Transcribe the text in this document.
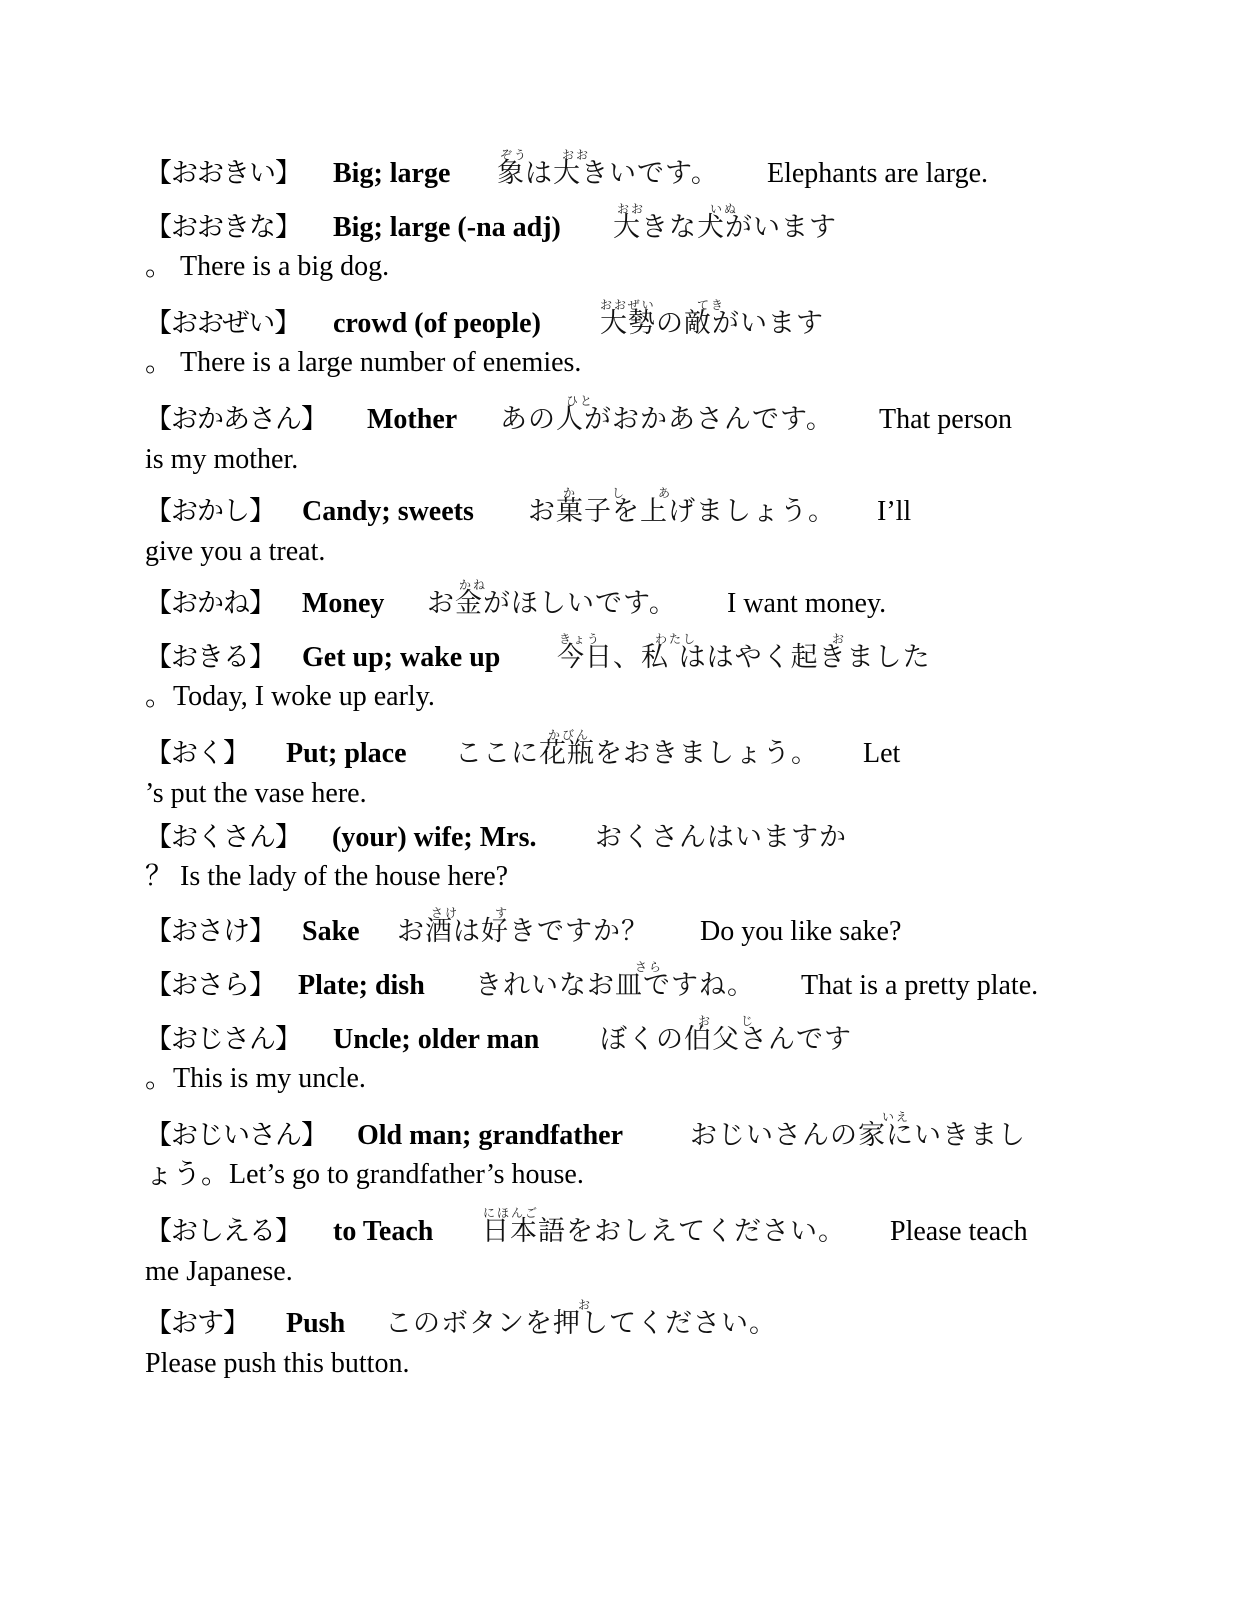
ぞう	おお
【おおきい】 Big; large 象は大きいです。 Elephants are large.
おお	いぬ
【おおきな】 Big; large (-na adj) 大きな犬がいます
。 There is a big dog.
おおぜい	てき
【おおぜい】 crowd (of people) 大勢の敵がいます
。 There is a large number of enemies.
ひと
【おかあさん】 Mother あの人がおかあさんです。 That person
is my mother.
か	し	あ
【おかし】 Candy; sweets お菓子を上げましょう。 I’ll
give you a treat.
かね
【おかね】 Money お金がほしいです。 I want money.
きょう	わたし	お
【おきる】 Get up; wake up 今日、私 ははやく起きました
。Today, I woke up early.
かびん
【おく】 Put; place ここに花瓶をおきましょう。 Let
’s put the vase here.
【おくさん】 (your) wife; Mrs. おくさんはいますか
？ Is the lady of the house here?
さけ	す
【おさけ】 Sake お酒は好きですか？ Do you like sake?
さら
【おさら】 Plate; dish きれいなお皿ですね。 That is a pretty plate.
お じ
【おじさん】 Uncle; older man ぼくの伯父さんです
。This is my uncle.
いえ
【おじいさん】 Old man; grandfather おじいさんの家にいきまし
ょう。Let’s go to grandfather’s house.
にほんご
【おしえる】 to Teach 日本語をおしえてください。 Please teach
me Japanese.
お
【おす】 Push このボタンを押してください。
Please push this button.
